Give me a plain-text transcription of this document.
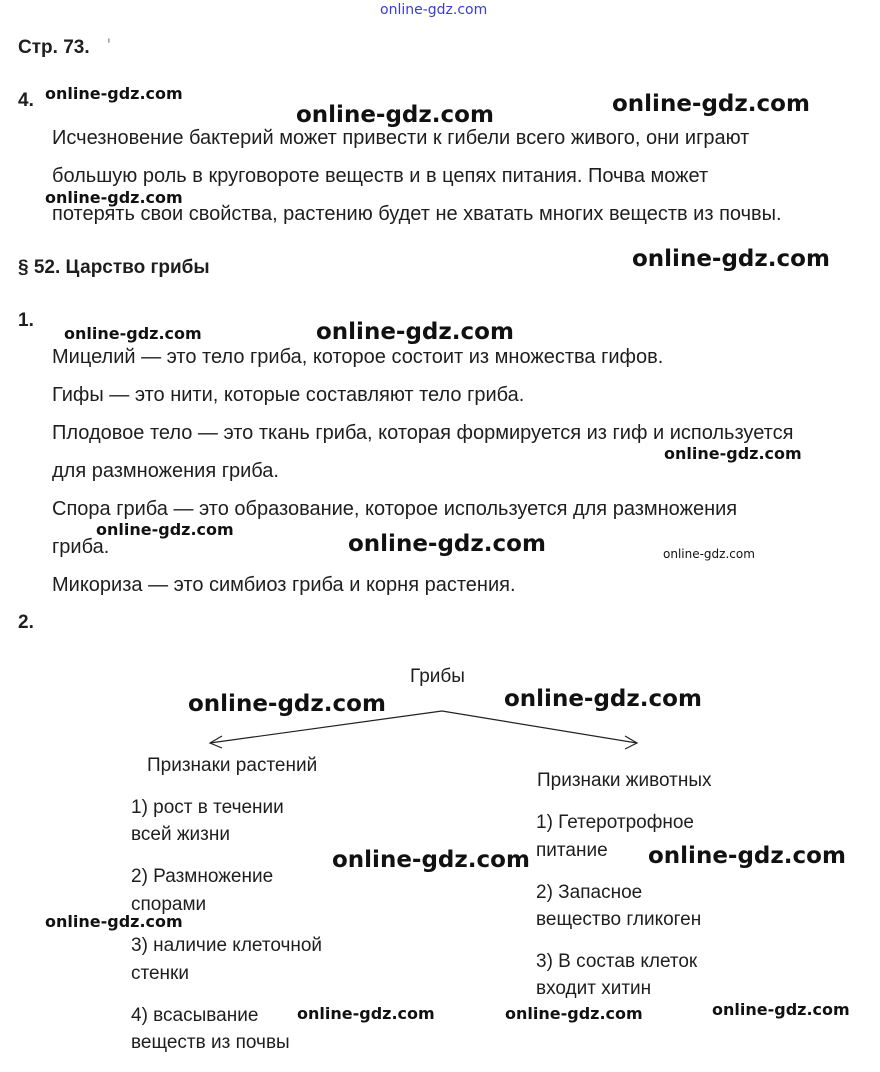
online-gdz.com
Стр. 73. '
4.
Исчезновение бактерий может привести к гибели всего живого, они играют
большую роль в круговороте веществ и в цепях питания. Почва может
потерять свои свойства, растению будет не хватать многих веществ из почвы.
§ 52. Царство грибы
1.
Мицелий — это тело гриба, которое состоит из множества гифов.
Гифы — это нити, которые составляют тело гриба.
Плодовое тело — это ткань гриба, которая формируется из гиф и используется
для размножения гриба.
Спора гриба — это образование, которое используется для размножения
гриба.
Микориза — это симбиоз гриба и корня растения.
2.
Грибы
Признаки растений
1) рост в течении
всей жизни
2) Размножение
спорами
3) наличие клеточной
стенки
4) всасывание
веществ из почвы
Признаки животных
1) Гетеротрофное
питание
2) Запасное
вещество гликоген
3) В состав клеток
входит хитин
online-gdz.com
online-gdz.com	online-gdz.com
online-gdz.com
online-gdz.com
online-gdz.com	online-gdz.com
online-gdz.com
online-gdz.com
online-gdz.com	online-gdz.com
online-gdz.com	online-gdz.com
online-gdz.com	online-gdz.com
online-gdz.com
online-gdz.com	online-gdz.com	online-gdz.com
